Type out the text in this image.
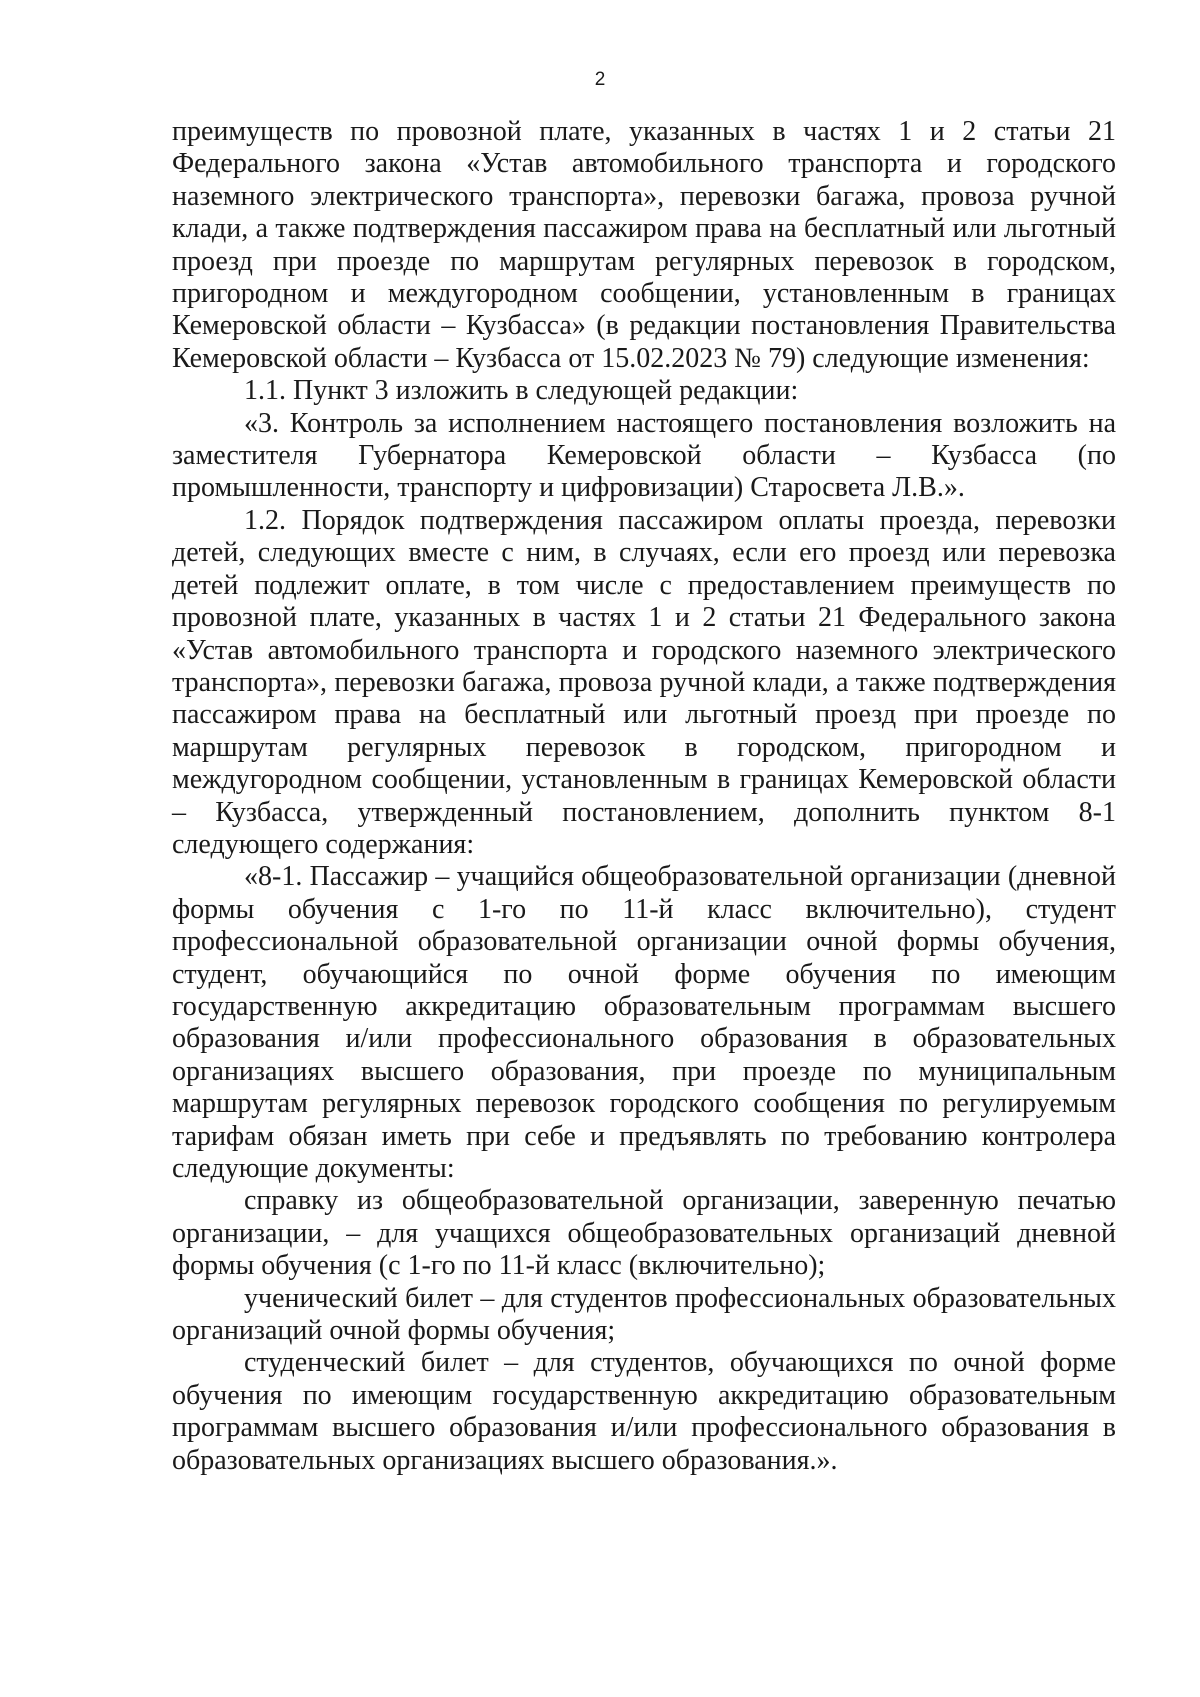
2

преимуществ по провозной плате, указанных в частях 1 и 2 статьи 21 Федерального закона «Устав автомобильного транспорта и городского наземного электрического транспорта», перевозки багажа, провоза ручной клади, а также подтверждения пассажиром права на бесплатный или льготный проезд при проезде по маршрутам регулярных перевозок в городском, пригородном и междугородном сообщении, установленным в границах Кемеровской области – Кузбасса» (в редакции постановления Правительства Кемеровской области – Кузбасса от 15.02.2023 № 79) следующие изменения:

1.1. Пункт 3 изложить в следующей редакции:

«3. Контроль за исполнением настоящего постановления возложить на заместителя Губернатора Кемеровской области – Кузбасса (по промышленности, транспорту и цифровизации) Старосвета Л.В.».

1.2. Порядок подтверждения пассажиром оплаты проезда, перевозки детей, следующих вместе с ним, в случаях, если его проезд или перевозка детей подлежит оплате, в том числе с предоставлением преимуществ по провозной плате, указанных в частях 1 и 2 статьи 21 Федерального закона «Устав автомобильного транспорта и городского наземного электрического транспорта», перевозки багажа, провоза ручной клади, а также подтверждения пассажиром права на бесплатный или льготный проезд при проезде по маршрутам регулярных перевозок в городском, пригородном и междугородном сообщении, установленным в границах Кемеровской области – Кузбасса, утвержденный постановлением, дополнить пунктом 8-1 следующего содержания:

«8-1. Пассажир – учащийся общеобразовательной организации (дневной формы обучения с 1-го по 11-й класс включительно), студент профессиональной образовательной организации очной формы обучения, студент, обучающийся по очной форме обучения по имеющим государственную аккредитацию образовательным программам высшего образования и/или профессионального образования в образовательных организациях высшего образования, при проезде по муниципальным маршрутам регулярных перевозок городского сообщения по регулируемым тарифам обязан иметь при себе и предъявлять по требованию контролера следующие документы:

справку из общеобразовательной организации, заверенную печатью организации, – для учащихся общеобразовательных организаций дневной формы обучения (с 1-го по 11-й класс (включительно);

ученический билет – для студентов профессиональных образовательных организаций очной формы обучения;

студенческий билет – для студентов, обучающихся по очной форме обучения по имеющим государственную аккредитацию образовательным программам высшего образования и/или профессионального образования в образовательных организациях высшего образования.».
